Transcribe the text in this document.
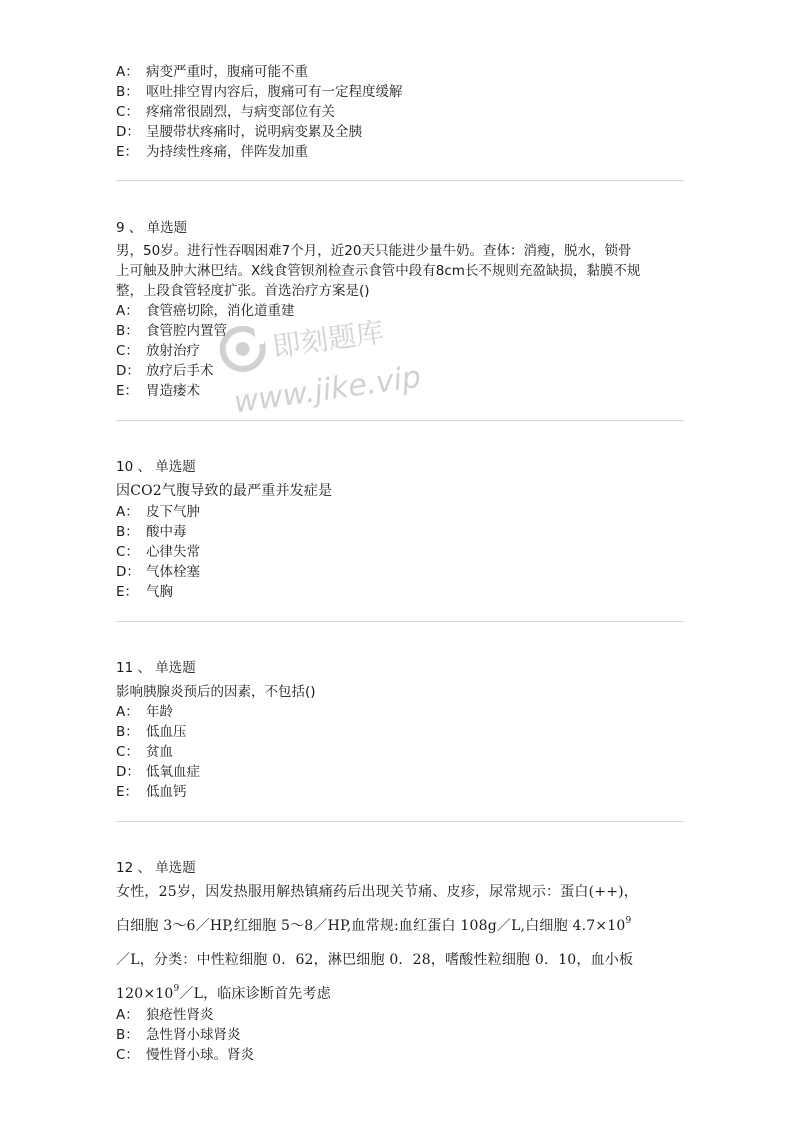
A： 病变严重时，腹痛可能不重
B： 呕吐排空胃内容后，腹痛可有一定程度缓解
C： 疼痛常很剧烈，与病变部位有关
D： 呈腰带状疼痛时，说明病变累及全胰
E： 为持续性疼痛，伴阵发加重
9 、 单选题
男，50岁。进行性吞咽困难7个月，近20天只能进少量牛奶。查体：消瘦，脱水，锁骨
上可触及肿大淋巴结。X线食管钡剂检查示食管中段有8cm长不规则充盈缺损，黏膜不规
整，上段食管轻度扩张。首选治疗方案是()
A： 食管癌切除，消化道重建
B： 食管腔内置管
C： 放射治疗
D： 放疗后手术
E： 胃造瘘术
10 、 单选题
因CO2气腹导致的最严重并发症是
A： 皮下气肿
B： 酸中毒
C： 心律失常
D： 气体栓塞
E： 气胸
11 、 单选题
影响胰腺炎预后的因素，不包括()
A： 年龄
B： 低血压
C： 贫血
D： 低氧血症
E： 低血钙
12 、 单选题
女性，25岁，因发热服用解热镇痛药后出现关节痛、皮疹，尿常规示：蛋白(++)，
白细胞 3～6／HP,红细胞 5～8／HP,血常规:血红蛋白 108g／L,白细胞 $4.7\times 10^9$
／L，分类：中性粒细胞 0．62，淋巴细胞 0．28，嗜酸性粒细胞 0．10，血小板
$120\times 10^9/L$，临床诊断首先考虑
A： 狼疮性肾炎
B： 急性肾小球肾炎
C： 慢性肾小球。肾炎
即刻题库
www.jike.vip
